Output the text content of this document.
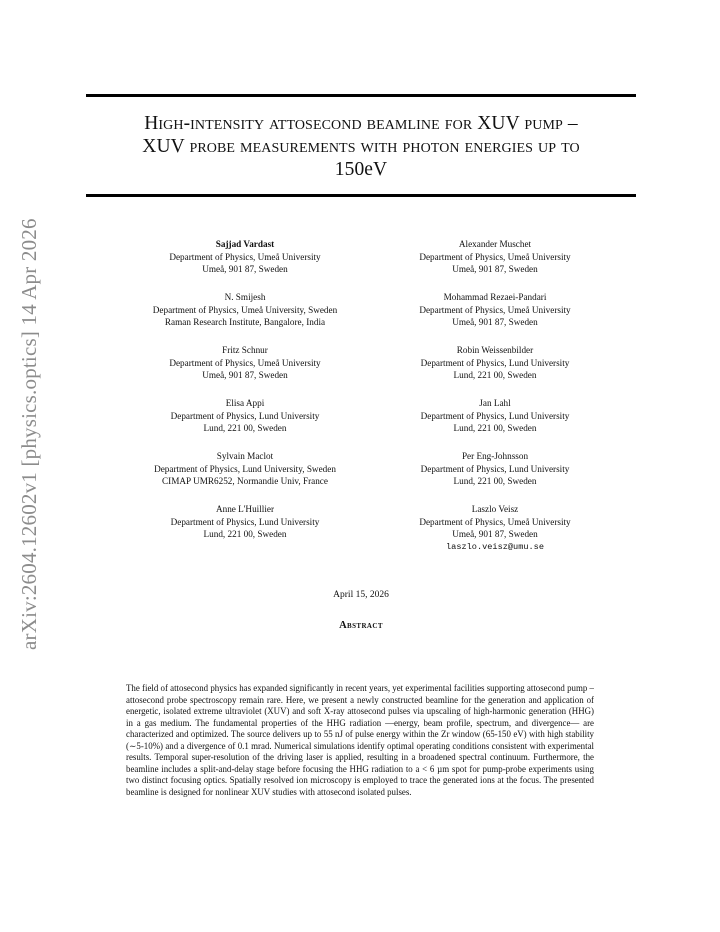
arXiv:2604.12602v1 [physics.optics] 14 Apr 2026
High-intensity attosecond beamline for XUV pump –
XUV probe measurements with photon energies up to
150eV
Sajjad Vardast
Department of Physics, Umeå University
Umeå, 901 87, Sweden
Alexander Muschet
Department of Physics, Umeå University
Umeå, 901 87, Sweden
N. Smijesh
Department of Physics, Umeå University, Sweden
Raman Research Institute, Bangalore, India
Mohammad Rezaei-Pandari
Department of Physics, Umeå University
Umeå, 901 87, Sweden
Fritz Schnur
Department of Physics, Umeå University
Umeå, 901 87, Sweden
Robin Weissenbilder
Department of Physics, Lund University
Lund, 221 00, Sweden
Elisa Appi
Department of Physics, Lund University
Lund, 221 00, Sweden
Jan Lahl
Department of Physics, Lund University
Lund, 221 00, Sweden
Sylvain Maclot
Department of Physics, Lund University, Sweden
CIMAP UMR6252, Normandie Univ, France
Per Eng-Johnsson
Department of Physics, Lund University
Lund, 221 00, Sweden
Anne L'Huillier
Department of Physics, Lund University
Lund, 221 00, Sweden
Laszlo Veisz
Department of Physics, Umeå University
Umeå, 901 87, Sweden
laszlo.veisz@umu.se
April 15, 2026
Abstract
The field of attosecond physics has expanded significantly in recent years, yet experimental facilities supporting attosecond pump – attosecond probe spectroscopy remain rare. Here, we present a newly constructed beamline for the generation and application of energetic, isolated extreme ultraviolet (XUV) and soft X-ray attosecond pulses via upscaling of high-harmonic generation (HHG) in a gas medium. The fundamental properties of the HHG radiation —energy, beam profile, spectrum, and divergence— are characterized and optimized. The source delivers up to 55 nJ of pulse energy within the Zr window (65-150 eV) with high stability (∼5-10%) and a divergence of 0.1 mrad. Numerical simulations identify optimal operating conditions consistent with experimental results. Temporal super-resolution of the driving laser is applied, resulting in a broadened spectral continuum. Furthermore, the beamline includes a split-and-delay stage before focusing the HHG radiation to a < 6 µm spot for pump-probe experiments using two distinct focusing optics. Spatially resolved ion microscopy is employed to trace the generated ions at the focus. The presented beamline is designed for nonlinear XUV studies with attosecond isolated pulses.
